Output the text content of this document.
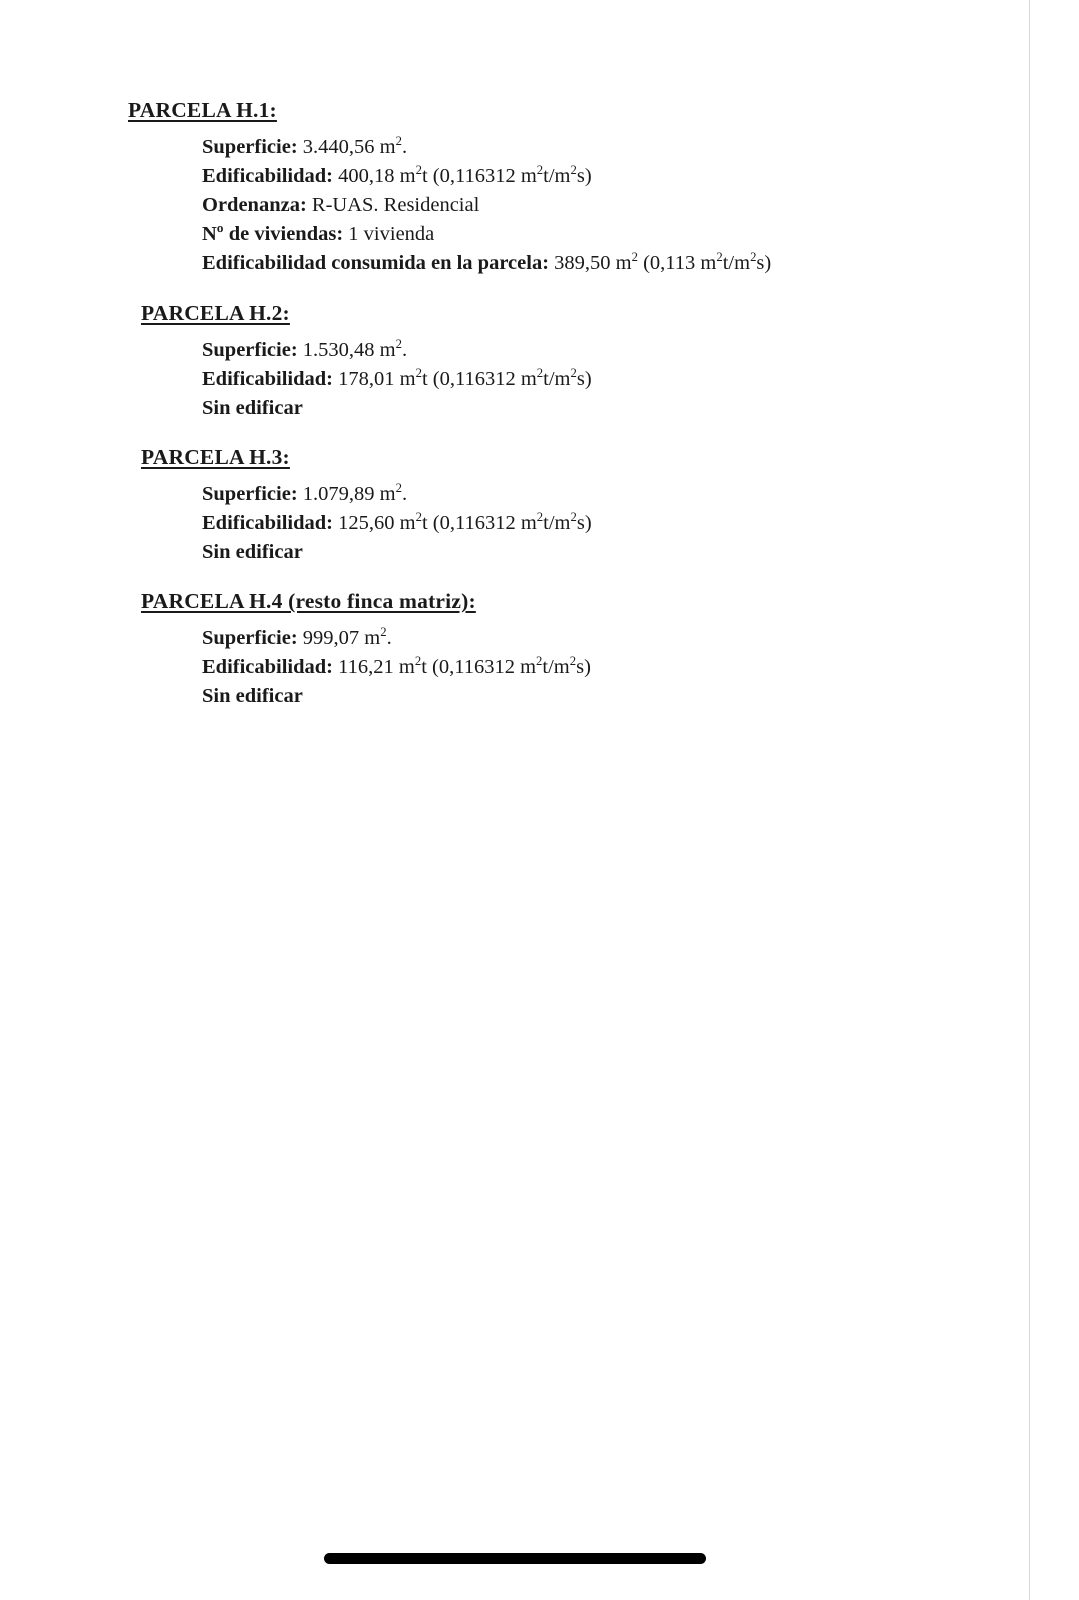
PARCELA H.1:
Superficie: 3.440,56 $m^2$.
Edificabilidad: 400,18 $m^2t$ (0,116312 $m^2t/m^2s$)
Ordenanza: R-UAS. Residencial
Nº de viviendas: 1 vivienda
Edificabilidad consumida en la parcela: 389,50 $m^2$ (0,113 $m^2t/m^2s$)
PARCELA H.2:
Superficie: 1.530,48 $m^2$.
Edificabilidad: 178,01 $m^2t$ (0,116312 $m^2t/m^2s$)
Sin edificar
PARCELA H.3:
Superficie: 1.079,89 $m^2$.
Edificabilidad: 125,60 $m^2t$ (0,116312 $m^2t/m^2s$)
Sin edificar
PARCELA H.4 (resto finca matriz):
Superficie: 999,07 $m^2$.
Edificabilidad: 116,21 $m^2t$ (0,116312 $m^2t/m^2s$)
Sin edificar
